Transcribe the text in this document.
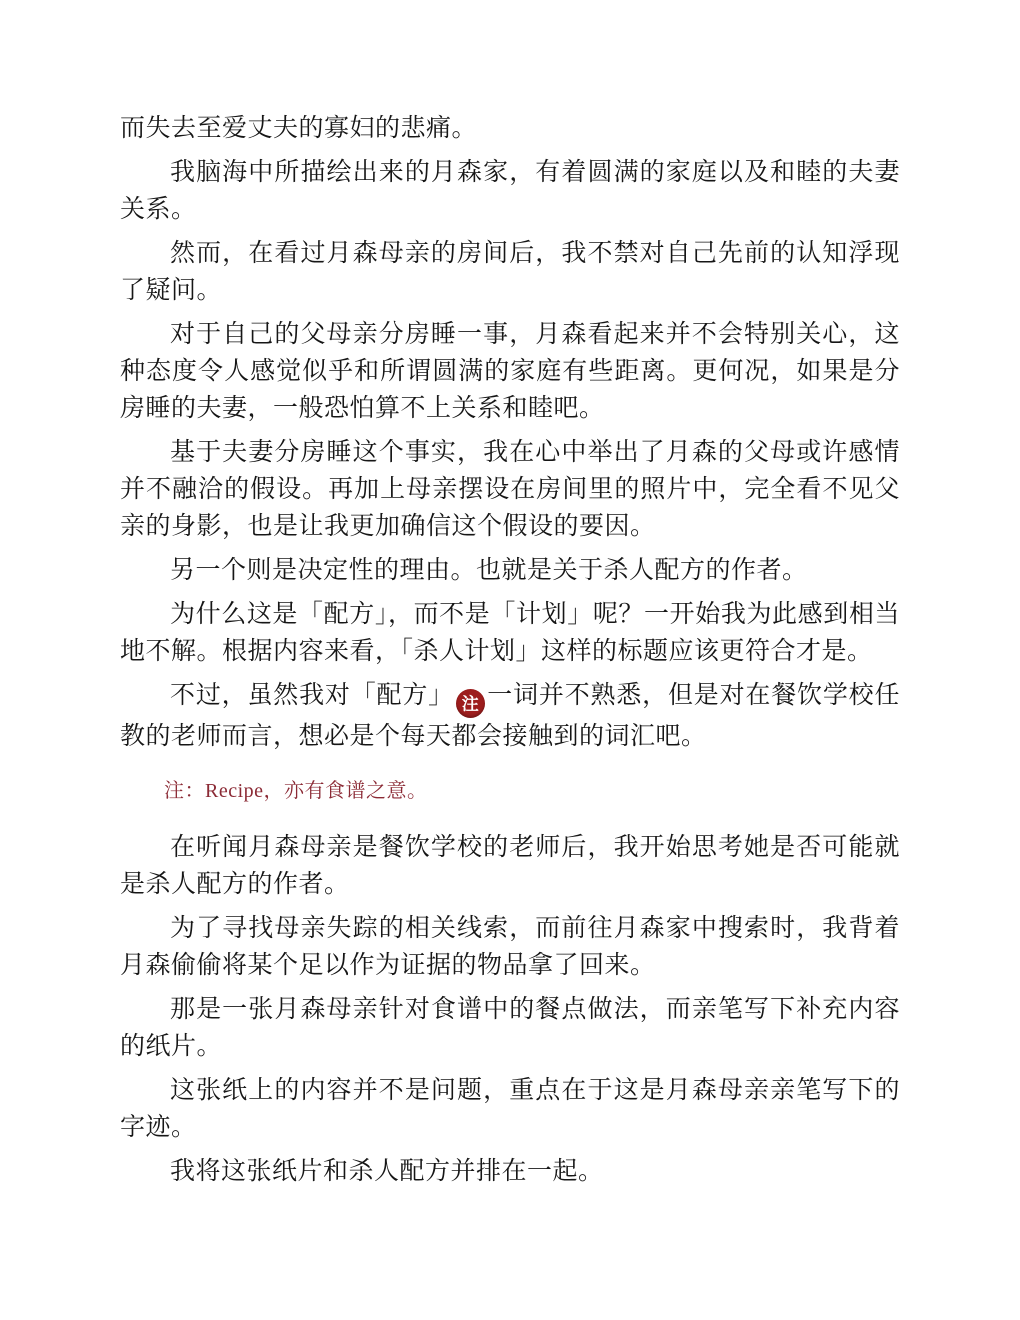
而失去至爱丈夫的寡妇的悲痛。

我脑海中所描绘出来的月森家，有着圆满的家庭以及和睦的夫妻关系。

然而，在看过月森母亲的房间后，我不禁对自己先前的认知浮现了疑问。

对于自己的父母亲分房睡一事，月森看起来并不会特别关心，这种态度令人感觉似乎和所谓圆满的家庭有些距离。更何况，如果是分房睡的夫妻，一般恐怕算不上关系和睦吧。

基于夫妻分房睡这个事实，我在心中举出了月森的父母或许感情并不融洽的假设。再加上母亲摆设在房间里的照片中，完全看不见父亲的身影，也是让我更加确信这个假设的要因。

另一个则是决定性的理由。也就是关于杀人配方的作者。

为什么这是「配方」，而不是「计划」呢？一开始我为此感到相当地不解。根据内容来看，「杀人计划」这样的标题应该更符合才是。

不过，虽然我对「配方」 注 一词并不熟悉，但是对在餐饮学校任教的老师而言，想必是个每天都会接触到的词汇吧。

注：Recipe，亦有食谱之意。

在听闻月森母亲是餐饮学校的老师后，我开始思考她是否可能就是杀人配方的作者。

为了寻找母亲失踪的相关线索，而前往月森家中搜索时，我背着月森偷偷将某个足以作为证据的物品拿了回来。

那是一张月森母亲针对食谱中的餐点做法，而亲笔写下补充内容的纸片。

这张纸上的内容并不是问题，重点在于这是月森母亲亲笔写下的字迹。

我将这张纸片和杀人配方并排在一起。
